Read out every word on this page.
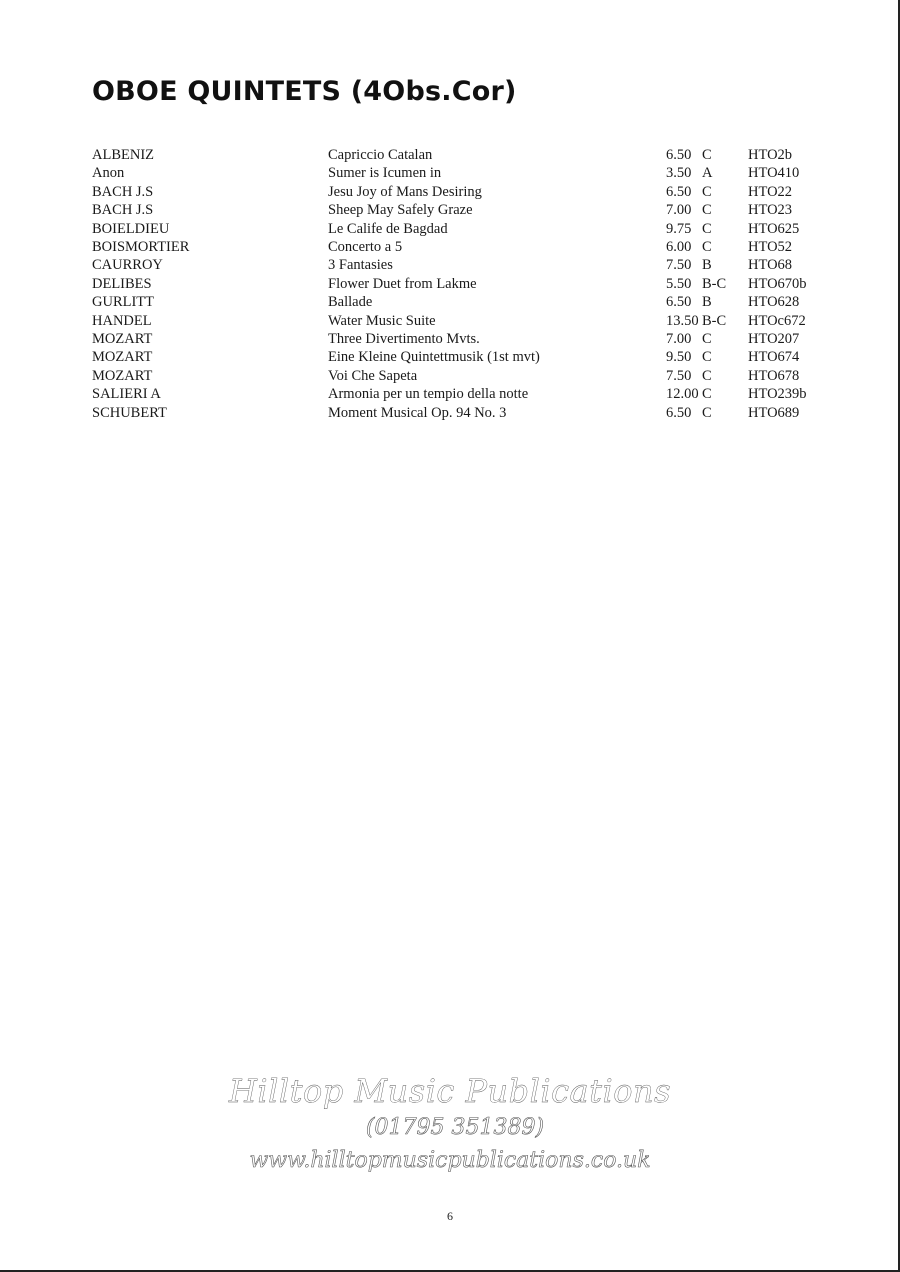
OBOE QUINTETS (4Obs.Cor)
ALBENIZ	Capriccio Catalan	6.50	C	HTO2b
Anon	Sumer is Icumen in	3.50	A	HTO410
BACH J.S	Jesu Joy of Mans Desiring	6.50	C	HTO22
BACH J.S	Sheep May Safely Graze	7.00	C	HTO23
BOIELDIEU	Le Calife de Bagdad	9.75	C	HTO625
BOISMORTIER	Concerto a 5	6.00	C	HTO52
CAURROY	3 Fantasies	7.50	B	HTO68
DELIBES	Flower Duet from Lakme	5.50	B-C	HTO670b
GURLITT	Ballade	6.50	B	HTO628
HANDEL	Water Music Suite	13.50	B-C	HTOc672
MOZART	Three Divertimento Mvts.	7.00	C	HTO207
MOZART	Eine Kleine Quintettmusik (1st mvt)	9.50	C	HTO674
MOZART	Voi Che Sapeta	7.50	C	HTO678
SALIERI A	Armonia per un tempio della notte	12.00	C	HTO239b
SCHUBERT	Moment Musical Op. 94 No. 3	6.50	C	HTO689
Hilltop Music Publications
(01795 351389)
www.hilltopmusicpublications.co.uk
6
